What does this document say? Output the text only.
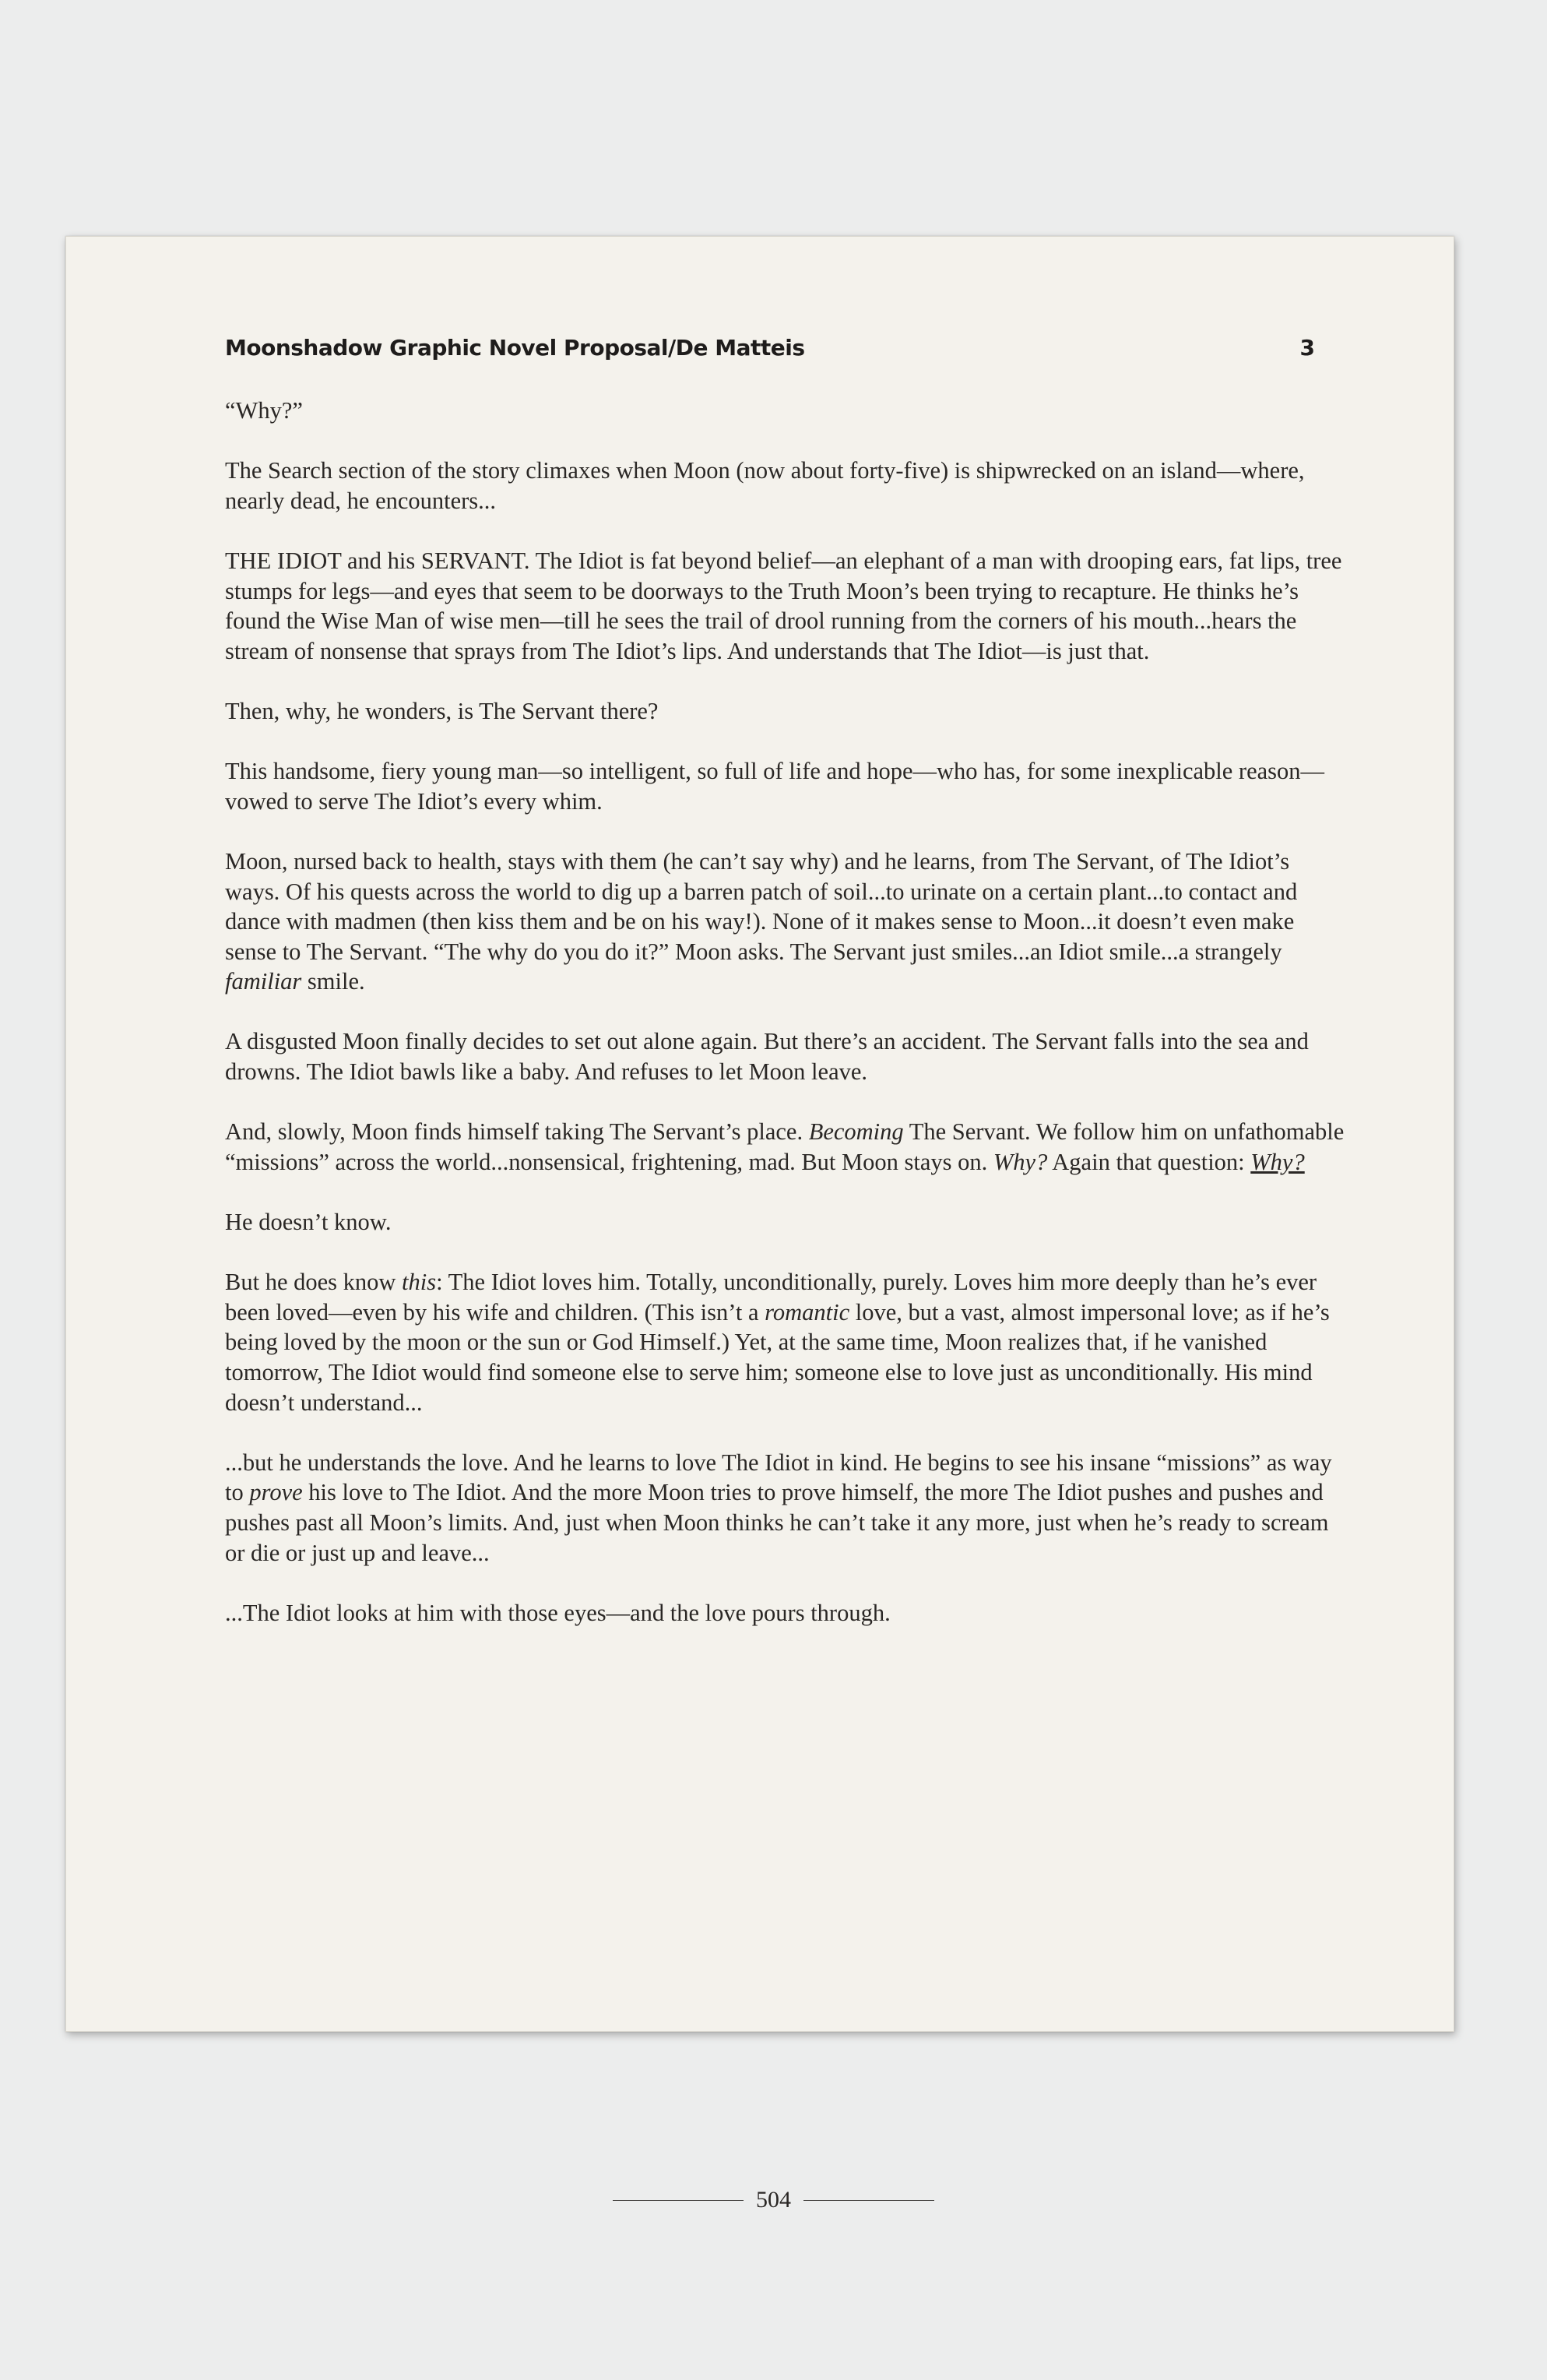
Moonshadow Graphic Novel Proposal/De Matteis	3

“Why?”

The Search section of the story climaxes when Moon (now about forty-five) is shipwrecked on an island—where, nearly dead, he encounters...

THE IDIOT and his SERVANT. The Idiot is fat beyond belief—an elephant of a man with drooping ears, fat lips, tree stumps for legs—and eyes that seem to be doorways to the Truth Moon’s been trying to recapture. He thinks he’s found the Wise Man of wise men—till he sees the trail of drool running from the corners of his mouth...hears the stream of nonsense that sprays from The Idiot’s lips. And understands that The Idiot—is just that.

Then, why, he wonders, is The Servant there?

This handsome, fiery young man—so intelligent, so full of life and hope—who has, for some inexplicable reason—vowed to serve The Idiot’s every whim.

Moon, nursed back to health, stays with them (he can’t say why) and he learns, from The Servant, of The Idiot’s ways. Of his quests across the world to dig up a barren patch of soil...to urinate on a certain plant...to contact and dance with madmen (then kiss them and be on his way!). None of it makes sense to Moon...it doesn’t even make sense to The Servant. “The why do you do it?” Moon asks. The Servant just smiles...an Idiot smile...a strangely familiar smile.

A disgusted Moon finally decides to set out alone again. But there’s an accident. The Servant falls into the sea and drowns. The Idiot bawls like a baby. And refuses to let Moon leave.

And, slowly, Moon finds himself taking The Servant’s place. Becoming The Servant. We follow him on unfathomable “missions” across the world...nonsensical, frightening, mad. But Moon stays on. Why? Again that question: Why?

He doesn’t know.

But he does know this: The Idiot loves him. Totally, unconditionally, purely. Loves him more deeply than he’s ever been loved—even by his wife and children. (This isn’t a romantic love, but a vast, almost impersonal love; as if he’s being loved by the moon or the sun or God Himself.) Yet, at the same time, Moon realizes that, if he vanished tomorrow, The Idiot would find someone else to serve him; someone else to love just as unconditionally. His mind doesn’t understand...

...but he understands the love. And he learns to love The Idiot in kind. He begins to see his insane “missions” as way to prove his love to The Idiot. And the more Moon tries to prove himself, the more The Idiot pushes and pushes and pushes past all Moon’s limits. And, just when Moon thinks he can’t take it any more, just when he’s ready to scream or die or just up and leave...

...The Idiot looks at him with those eyes—and the love pours through.

504
